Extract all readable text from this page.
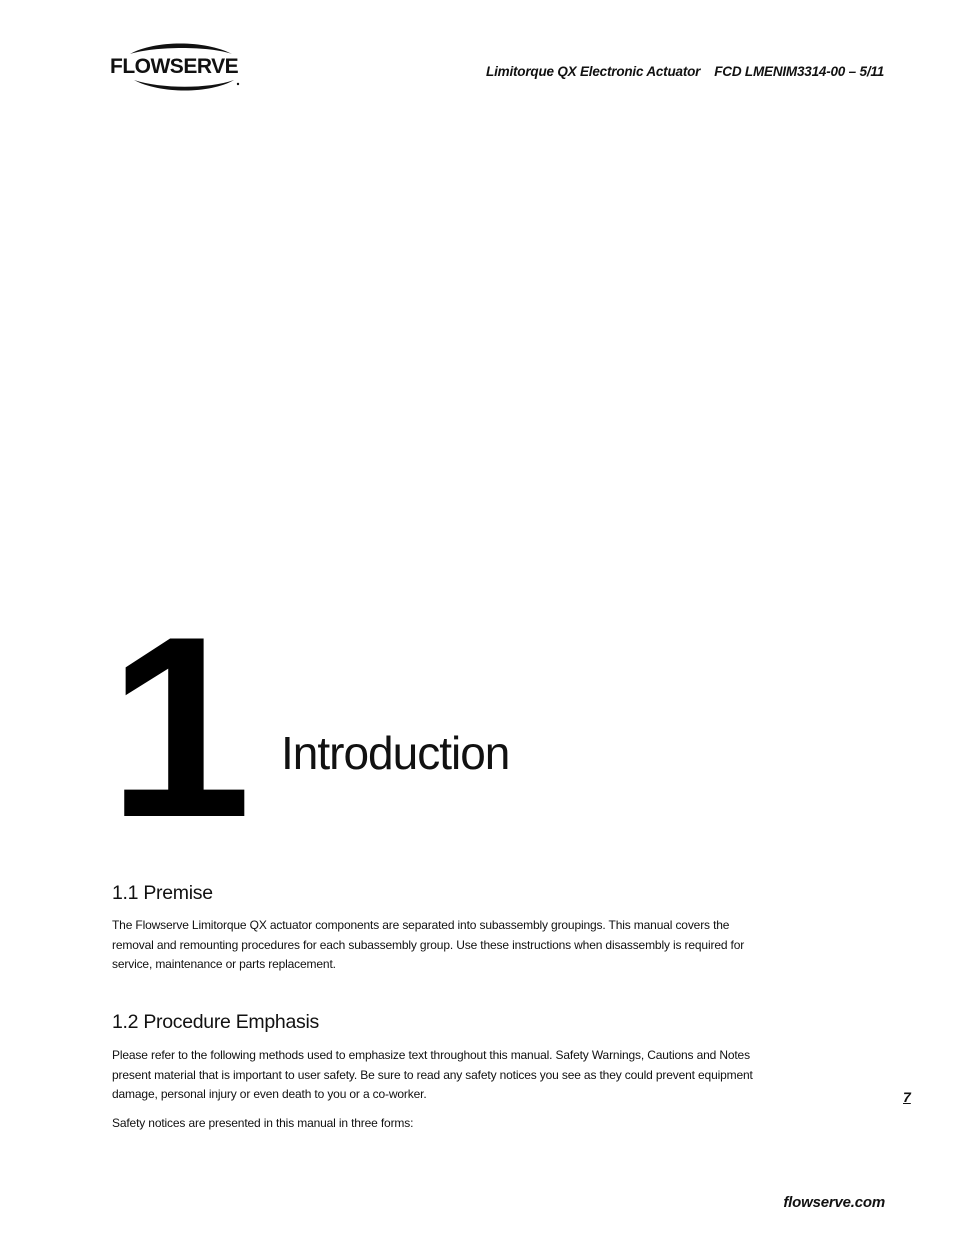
FLOWSERVE	Limitorque QX Electronic Actuator FCD LMENIM3314-00 – 5/11
1 Introduction
1.1 Premise
The Flowserve Limitorque QX actuator components are separated into subassembly groupings. This manual covers the removal and remounting procedures for each subassembly group. Use these instructions when disassembly is required for service, maintenance or parts replacement.
1.2 Procedure Emphasis
Please refer to the following methods used to emphasize text throughout this manual. Safety Warnings, Cautions and Notes present material that is important to user safety. Be sure to read any safety notices you see as they could prevent equipment damage, personal injury or even death to you or a co-worker.
Safety notices are presented in this manual in three forms:
7
flowserve.com
